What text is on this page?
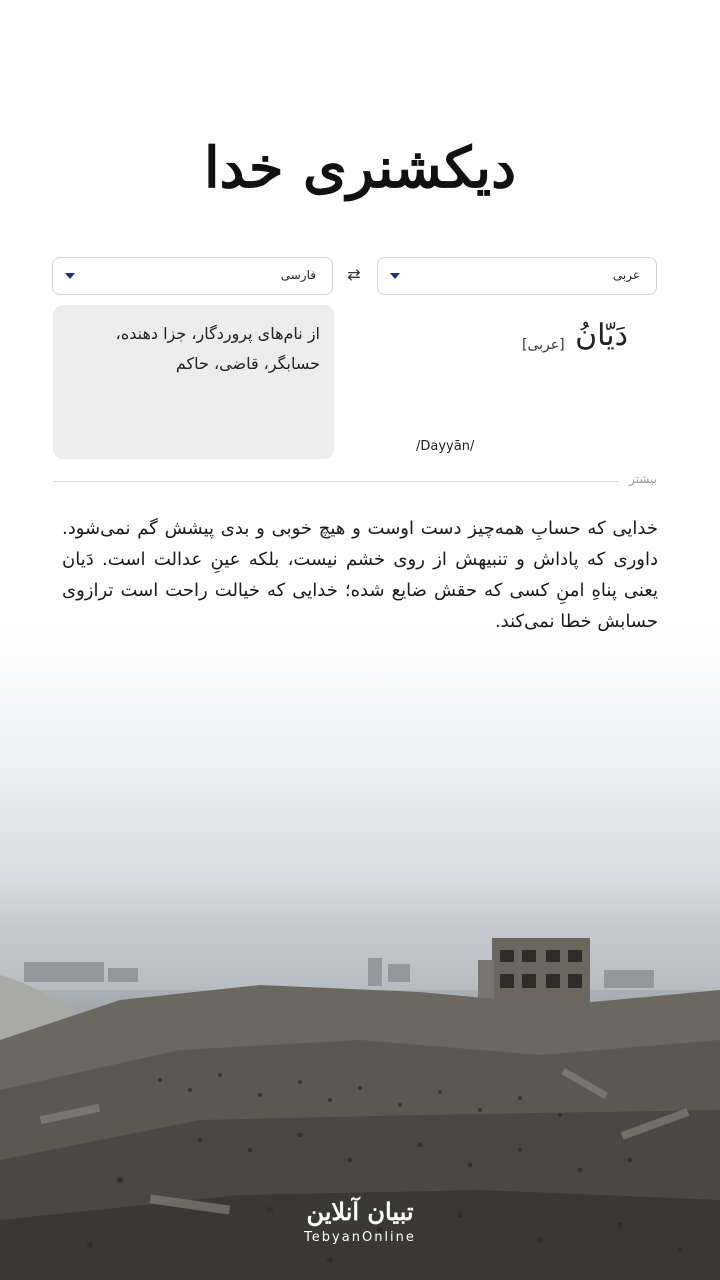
دیکشنری خدا
عربی
⇄
فارسی
دَیّانُ
[عربی]
/Dayyān/
از نام‌های پروردگار، جزا دهنده، حسابگر، قاضی، حاکم
بیشتر
خدایی که حسابِ همه‌چیز دست اوست و هیچ خوبی و بدی پیشش گم نمی‌شود. داوری که پاداش و تنبیهش از روی خشم نیست، بلکه عینِ عدالت است. دَیان یعنی پناهِ امنِ کسی که حقش ضایع شده؛ خدایی که خیالت راحت است ترازوی حسابش خطا نمی‌کند.
تبیان آنلاین
TebyanOnline
